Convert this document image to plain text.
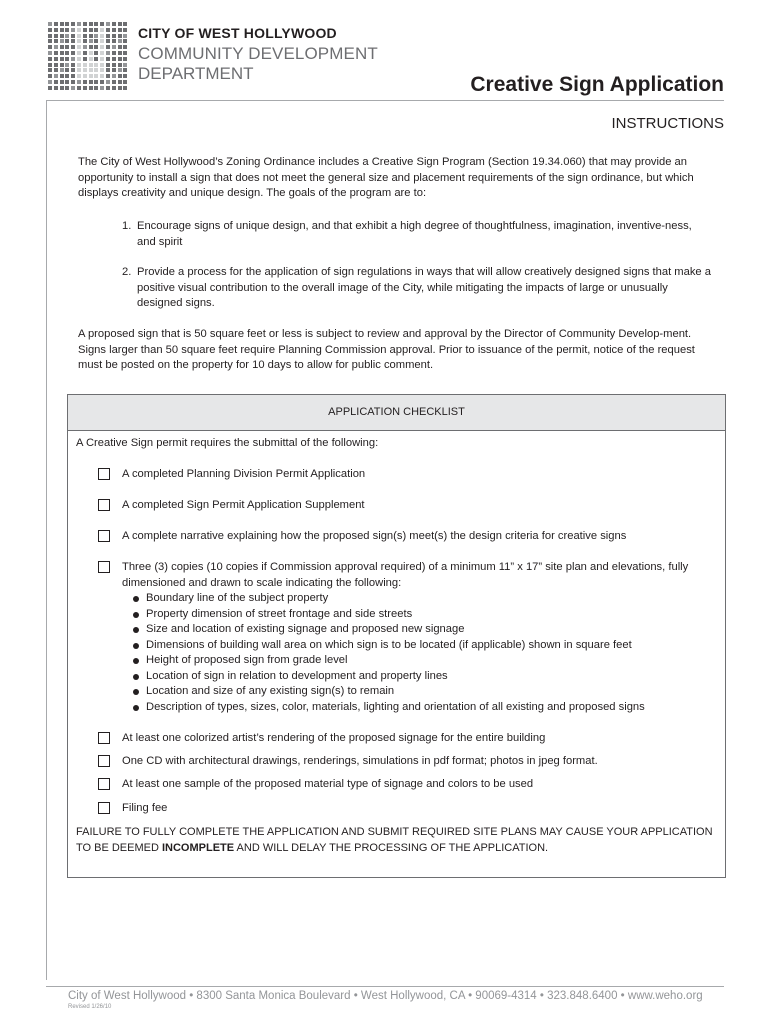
CITY OF WEST HOLLYWOOD
COMMUNITY DEVELOPMENT
DEPARTMENT	Creative Sign Application
INSTRUCTIONS
The City of West Hollywood’s Zoning Ordinance includes a Creative Sign Program (Section 19.34.060) that may provide an opportunity to install a sign that does not meet the general size and placement requirements of the sign ordinance, but which displays creativity and unique design. The goals of the program are to:
1. Encourage signs of unique design, and that exhibit a high degree of thoughtfulness, imagination, inventive-ness, and spirit
2. Provide a process for the application of sign regulations in ways that will allow creatively designed signs that make a positive visual contribution to the overall image of the City, while mitigating the impacts of large or unusually designed signs.
A proposed sign that is 50 square feet or less is subject to review and approval by the Director of Community Develop-ment. Signs larger than 50 square feet require Planning Commission approval. Prior to issuance of the permit, notice of the request must be posted on the property for 10 days to allow for public comment.
APPLICATION CHECKLIST
A Creative Sign permit requires the submittal of the following:
A completed Planning Division Permit Application
A completed Sign Permit Application Supplement
A complete narrative explaining how the proposed sign(s) meet(s) the design criteria for creative signs
Three (3) copies (10 copies if Commission approval required) of a minimum 11” x 17” site plan and elevations, fully dimensioned and drawn to scale indicating the following:
Boundary line of the subject property
Property dimension of street frontage and side streets
Size and location of existing signage and proposed new signage
Dimensions of building wall area on which sign is to be located (if applicable) shown in square feet
Height of proposed sign from grade level
Location of sign in relation to development and property lines
Location and size of any existing sign(s) to remain
Description of types, sizes, color, materials, lighting and orientation of all existing and proposed signs
At least one colorized artist’s rendering of the proposed signage for the entire building
One CD with architectural drawings, renderings, simulations in pdf format; photos in jpeg format.
At least one sample of the proposed material type of signage and colors to be used
Filing fee
FAILURE TO FULLY COMPLETE THE APPLICATION AND SUBMIT REQUIRED SITE PLANS MAY CAUSE YOUR APPLICATION TO BE DEEMED INCOMPLETE AND WILL DELAY THE PROCESSING OF THE APPLICATION.
City of West Hollywood • 8300 Santa Monica Boulevard • West Hollywood, CA • 90069-4314 • 323.848.6400 • www.weho.org
Revised 1/26/10
